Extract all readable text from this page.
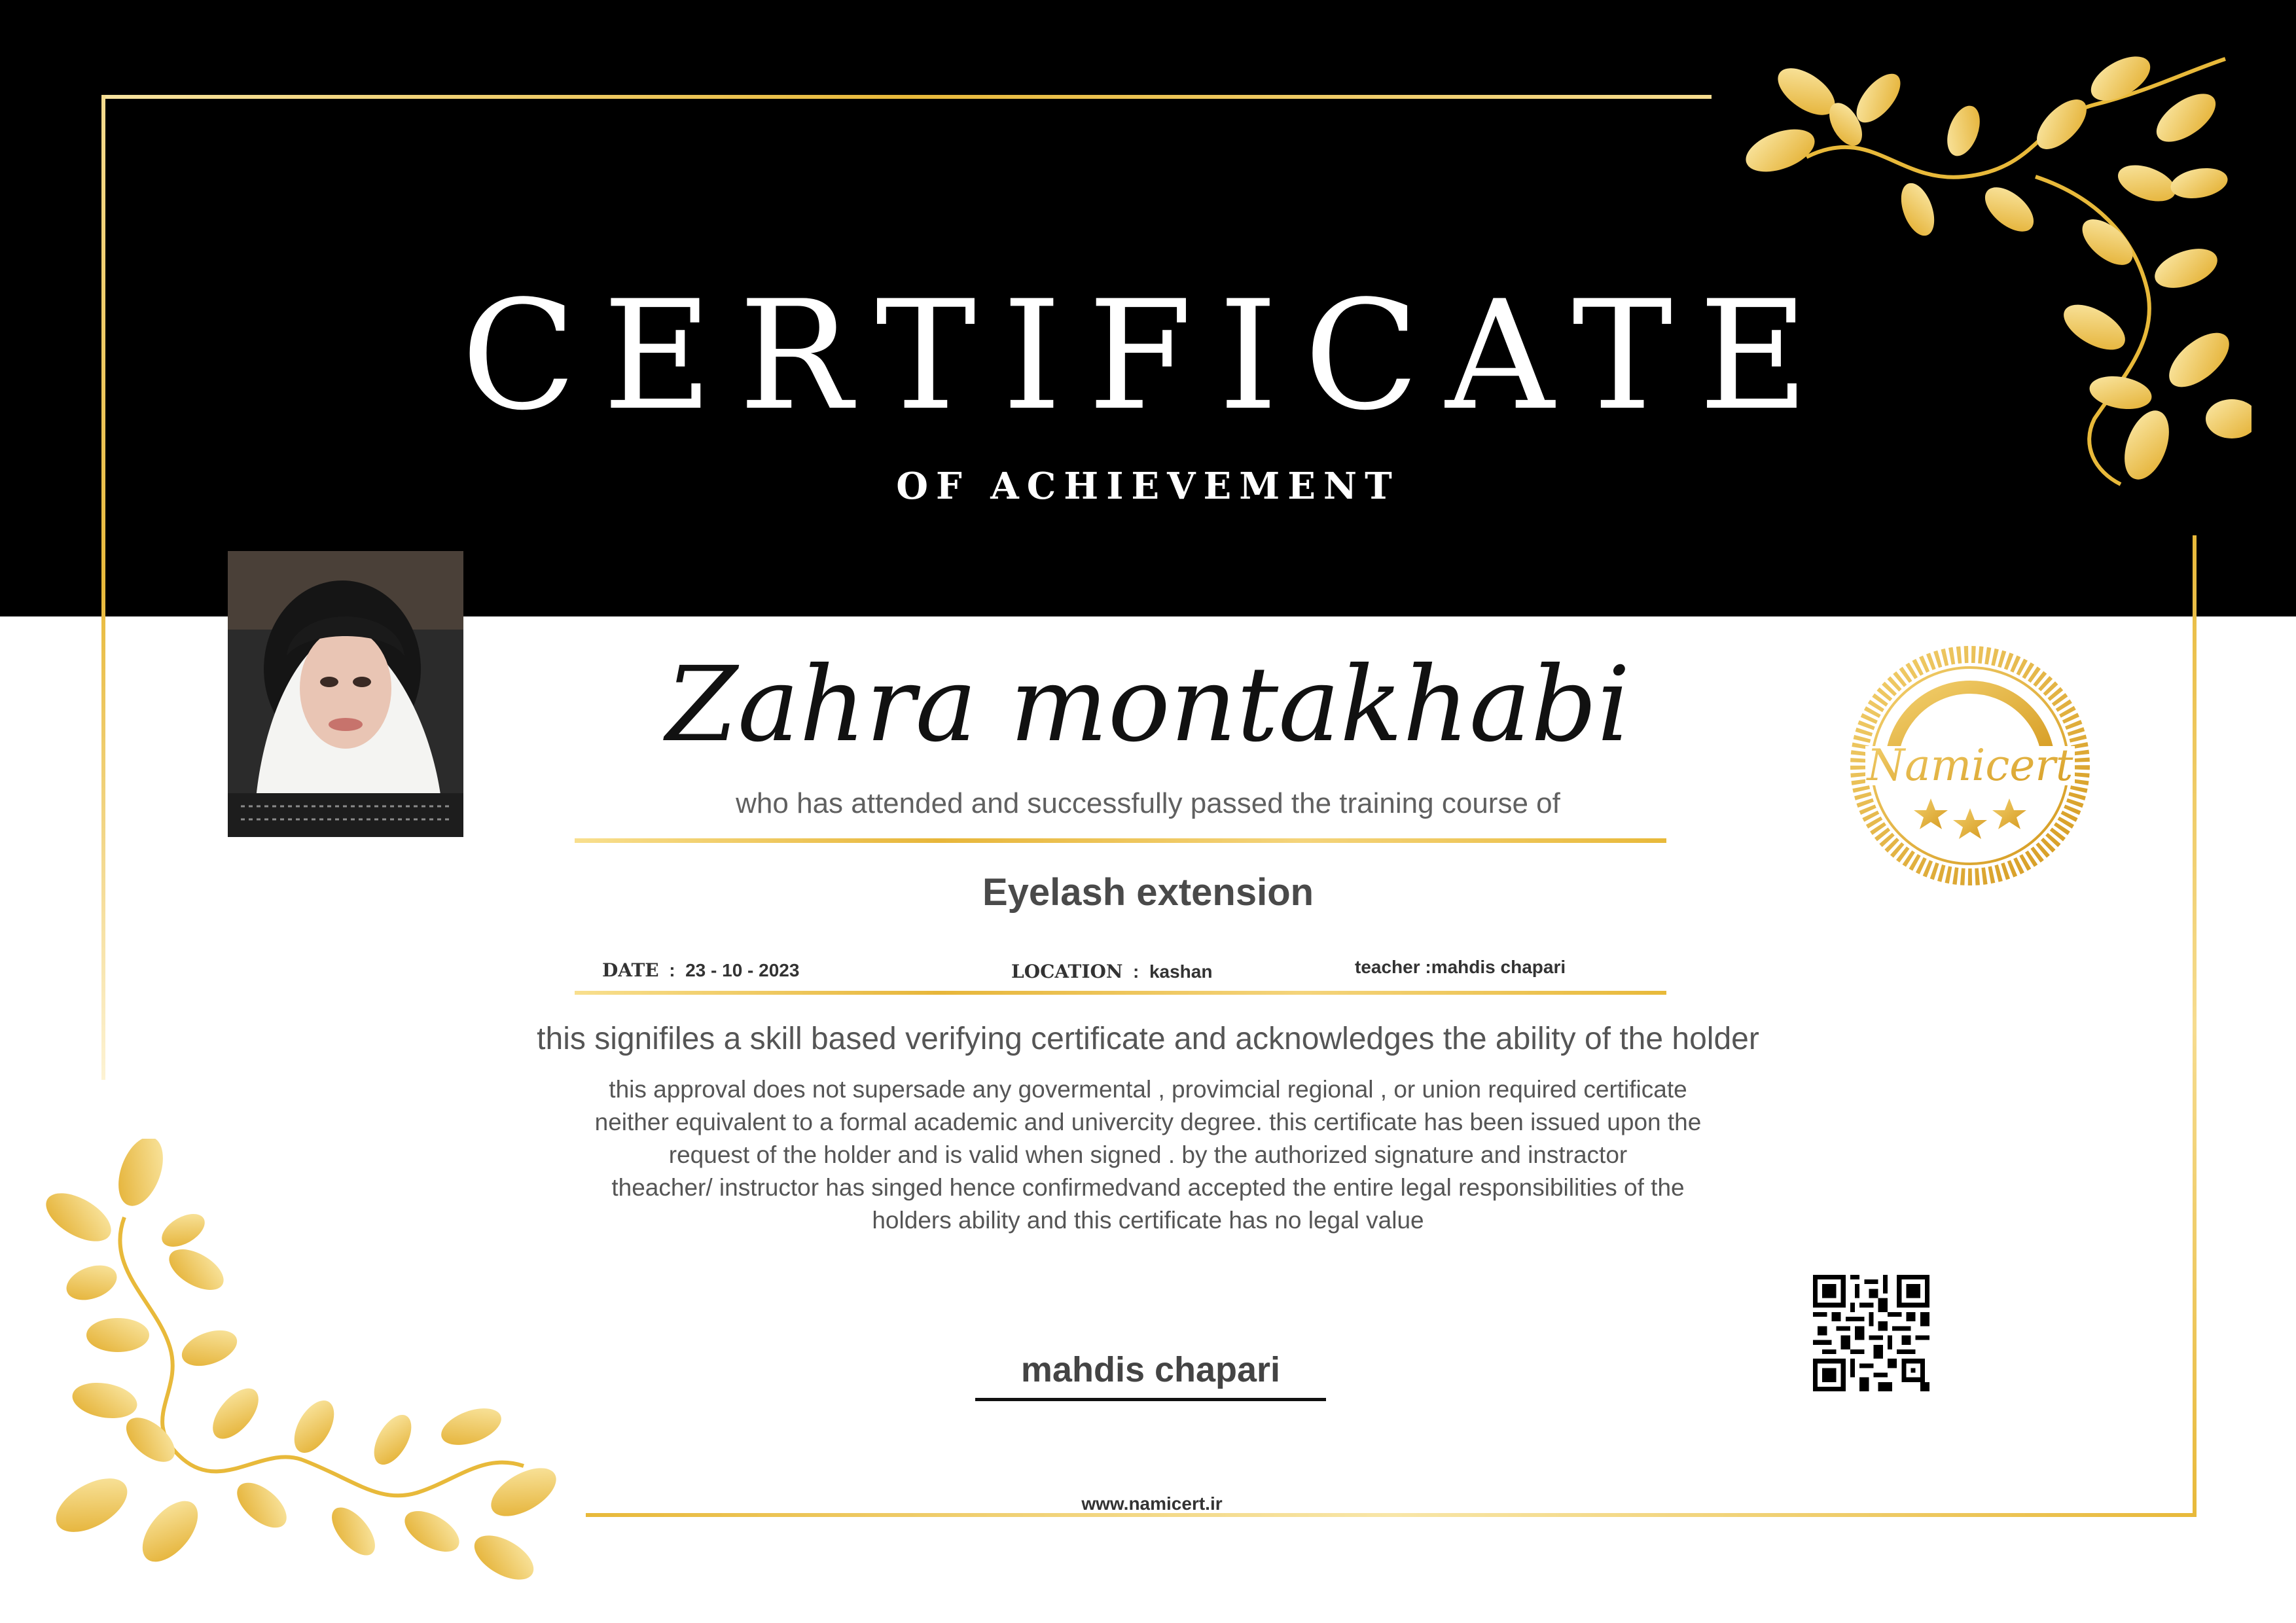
CERTIFICATE
OF ACHIEVEMENT
Zahra montakhabi
who has attended and successfully passed the training course of
Eyelash extension
DATE  :  23 - 10 - 2023	LOCATION  :  kashan	teacher :mahdis chapari
this signifiles a skill based verifying certificate and acknowledges the ability of the holder
this approval does not supersade any govermental , provimcial regional , or union required certificate
neither equivalent to a formal academic and univercity degree. this certificate has been issued upon the
request of the holder and is valid when signed . by the authorized signature and instractor
theacher/ instructor has singed hence confirmedvand accepted the entire legal responsibilities of the
holders ability and this certificate has no legal value
Namicert
mahdis chapari
www.namicert.ir
